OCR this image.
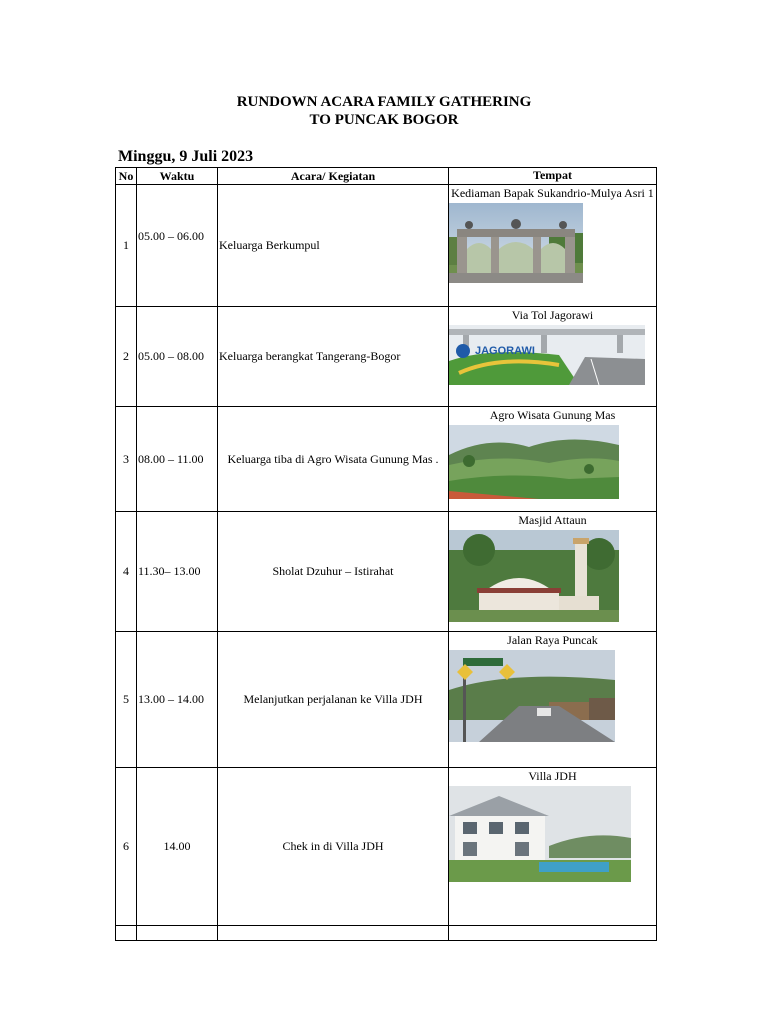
RUNDOWN ACARA FAMILY GATHERING
TO PUNCAK BOGOR
Minggu, 9 Juli 2023
No	Waktu	Acara/ Kegiatan	Tempat
1	05.00 – 06.00	Keluarga Berkumpul	Kediaman Bapak Sukandrio-Mulya Asri 1

2	05.00 – 08.00	Keluarga berangkat Tangerang-Bogor	Via Tol Jagorawi
JAGORAWI

3	08.00 – 11.00	Keluarga tiba di Agro Wisata Gunung Mas .	Agro Wisata Gunung Mas

4	11.30– 13.00	Sholat Dzuhur – Istirahat	Masjid Attaun

5	13.00 – 14.00	Melanjutkan perjalanan ke Villa JDH	Jalan Raya Puncak

6	14.00	Chek in di Villa JDH	Villa JDH
